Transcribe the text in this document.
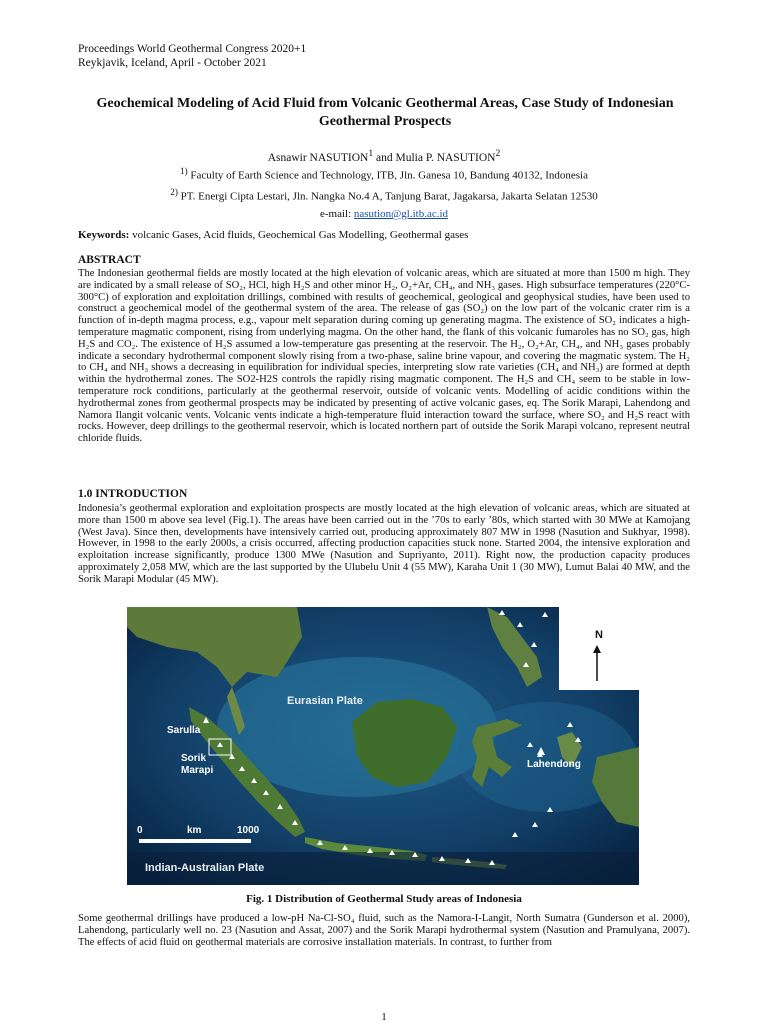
Proceedings World Geothermal Congress 2020+1
Reykjavik, Iceland, April - October 2021
Geochemical Modeling of Acid Fluid from Volcanic Geothermal Areas, Case Study of Indonesian Geothermal Prospects
Asnawir NASUTION$^1$ and Mulia P. NASUTION$^2$
$^{1)}$ Faculty of Earth Science and Technology, ITB, Jln. Ganesa 10, Bandung 40132, Indonesia
$^{2)}$ PT. Energi Cipta Lestari, Jln. Nangka No.4 A, Tanjung Barat, Jagakarsa, Jakarta Selatan 12530
e-mail: nasution@gl.itb.ac.id
Keywords: volcanic Gases, Acid fluids, Geochemical Gas Modelling, Geothermal gases
ABSTRACT
The Indonesian geothermal fields are mostly located at the high elevation of volcanic areas, which are situated at more than 1500 m high. They are indicated by a small release of SO₂, HCl, high H₂S and other minor H₂, O₂+Ar, CH₄, and NH₃ gases. High subsurface temperatures (220°C-300°C) of exploration and exploitation drillings, combined with results of geochemical, geological and geophysical studies, have been used to construct a geochemical model of the geothermal system of the area. The release of gas (SO₂) on the low part of the volcanic crater rim is a function of in-depth magma process, e.g., vapour melt separation during coming up generating magma. The existence of SO₂ indicates a high-temperature magmatic component, rising from underlying magma. On the other hand, the flank of this volcanic fumaroles has no SO₂ gas, high H₂S and CO₂. The existence of H₂S assumed a low-temperature gas presenting at the reservoir. The H₂, O₂+Ar, CH₄, and NH₃ gases probably indicate a secondary hydrothermal component slowly rising from a two-phase, saline brine vapour, and covering the magmatic system. The H₂ to CH₄ and NH₃ shows a decreasing in equilibration for individual species, interpreting slow rate varieties (CH₄ and NH₃) are formed at depth within the hydrothermal zones. The SO2-H2S controls the rapidly rising magmatic component. The H₂S and CH₄ seem to be stable in low-temperature rock conditions, particularly at the geothermal reservoir, outside of volcanic vents. Modelling of acidic conditions within the hydrothermal zones from geothermal prospects may be indicated by presenting of active volcanic gases, eq. The Sorik Marapi, Lahendong and Namora Ilangit volcanic vents. Volcanic vents indicate a high-temperature fluid interaction toward the surface, where SO₂ and H₂S react with rocks. However, deep drillings to the geothermal reservoir, which is located northern part of outside the Sorik Marapi volcano, represent neutral chloride fluids.
1.0 INTRODUCTION
Indonesia’s geothermal exploration and exploitation prospects are mostly located at the high elevation of volcanic areas, which are situated at more than 1500 m above sea level (Fig.1). The areas have been carried out in the ’70s to early ’80s, which started with 30 MWe at Kamojang (West Java). Since then, developments have intensively carried out, producing approximately 807 MW in 1998 (Nasution and Sukhyar, 1998). However, in 1998 to the early 2000s, a crisis occurred, affecting production capacities stuck none. Started 2004, the intensive exploration and exploitation increase significantly, produce 1300 MWe (Nasution and Supriyanto, 2011). Right now, the production capacity produces approximately 2,058 MW, which are the last supported by the Ulubelu Unit 4 (55 MW), Karaha Unit 1 (30 MW), Lumut Balai 40 MW, and the Sorik Marapi Modular (45 MW).
N
Eurasian Plate
Sarulla
Sorik
Marapi
Lahendong
0	km	1000
Indian-Australian Plate
Fig. 1 Distribution of Geothermal Study areas of Indonesia
Some geothermal drillings have produced a low-pH Na-Cl-SO₄ fluid, such as the Namora-I-Langit, North Sumatra (Gunderson et al. 2000), Lahendong, particularly well no. 23 (Nasution and Assat, 2007) and the Sorik Marapi hydrothermal system (Nasution and Pramulyana, 2007). The effects of acid fluid on geothermal materials are corrosive installation materials. In contrast, to further from
1
